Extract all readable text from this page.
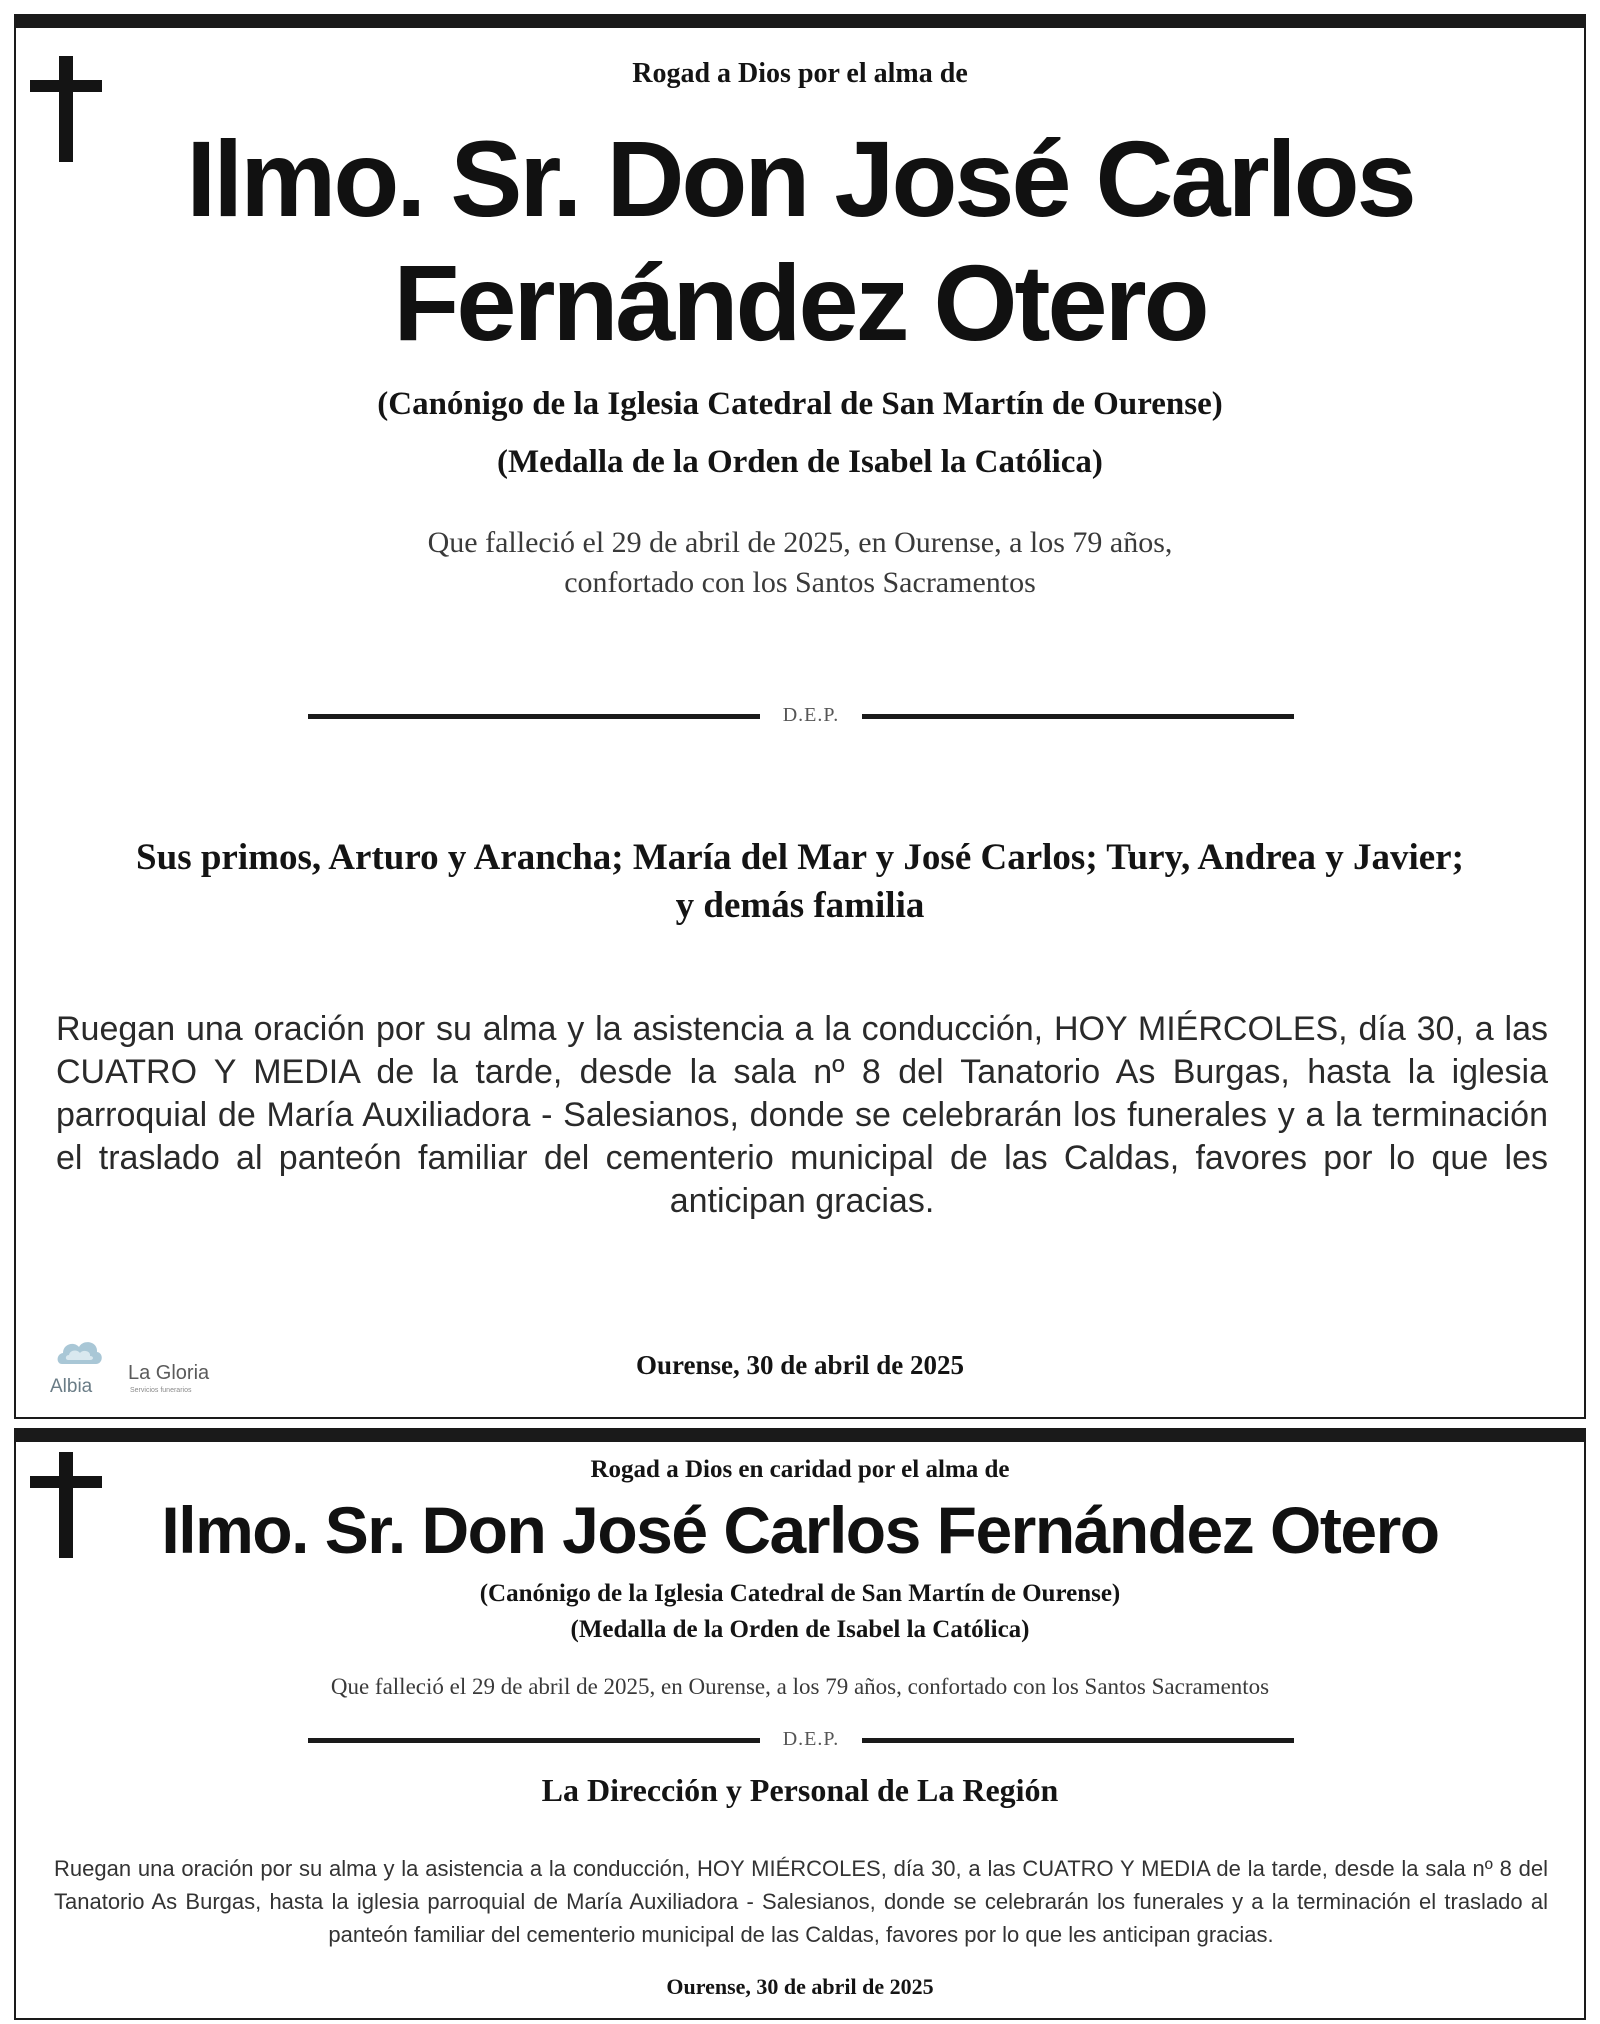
Rogad a Dios por el alma de
Ilmo. Sr. Don José Carlos
Fernández Otero
(Canónigo de la Iglesia Catedral de San Martín de Ourense)
(Medalla de la Orden de Isabel la Católica)
Que falleció el 29 de abril de 2025, en Ourense, a los 79 años,
confortado con los Santos Sacramentos
D.E.P.
Sus primos, Arturo y Arancha; María del Mar y José Carlos; Tury, Andrea y Javier;
y demás familia
Ruegan una oración por su alma y la asistencia a la conducción, HOY MIÉRCOLES, día 30, a las CUATRO Y MEDIA de la tarde, desde la sala nº 8 del Tanatorio As Burgas, hasta la iglesia parroquial de María Auxiliadora - Salesianos, donde se celebrarán los funerales y a la terminación el traslado al panteón familiar del cementerio municipal de las Caldas, favores por lo que les anticipan gracias.
Albia
La Gloria
Servicios funerarios
Ourense, 30 de abril de 2025
Rogad a Dios en caridad por el alma de
Ilmo. Sr. Don José Carlos Fernández Otero
(Canónigo de la Iglesia Catedral de San Martín de Ourense)
(Medalla de la Orden de Isabel la Católica)
Que falleció el 29 de abril de 2025, en Ourense, a los 79 años, confortado con los Santos Sacramentos
D.E.P.
La Dirección y Personal de La Región
Ruegan una oración por su alma y la asistencia a la conducción, HOY MIÉRCOLES, día 30, a las CUATRO Y MEDIA de la tarde, desde la sala nº 8 del Tanatorio As Burgas, hasta la iglesia parroquial de María Auxiliadora - Salesianos, donde se celebrarán los funerales y a la terminación el traslado al panteón familiar del cementerio municipal de las Caldas, favores por lo que les anticipan gracias.
Ourense, 30 de abril de 2025
